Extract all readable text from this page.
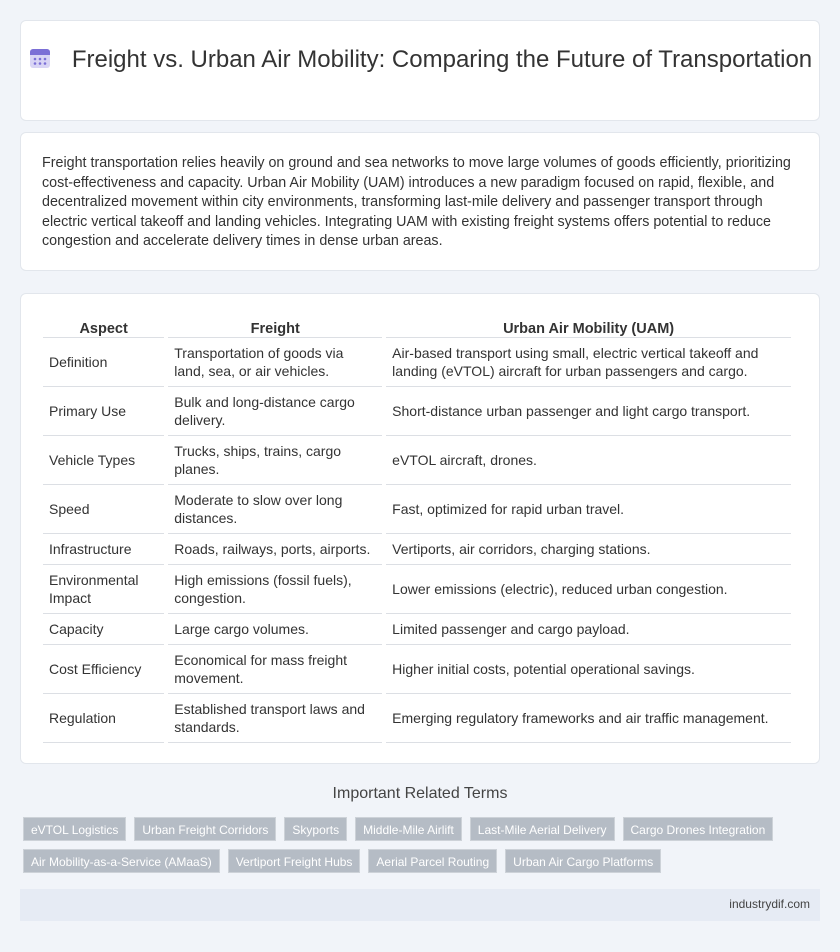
Freight vs. Urban Air Mobility: Comparing the Future of Transportation

Freight transportation relies heavily on ground and sea networks to move large volumes of goods efficiently, prioritizing cost-effectiveness and capacity. Urban Air Mobility (UAM) introduces a new paradigm focused on rapid, flexible, and decentralized movement within city environments, transforming last-mile delivery and passenger transport through electric vertical takeoff and landing vehicles. Integrating UAM with existing freight systems offers potential to reduce congestion and accelerate delivery times in dense urban areas.

Aspect	Freight	Urban Air Mobility (UAM)
Definition	Transportation of goods via land, sea, or air vehicles.	Air-based transport using small, electric vertical takeoff and landing (eVTOL) aircraft for urban passengers and cargo.
Primary Use	Bulk and long-distance cargo delivery.	Short-distance urban passenger and light cargo transport.
Vehicle Types	Trucks, ships, trains, cargo planes.	eVTOL aircraft, drones.
Speed	Moderate to slow over long distances.	Fast, optimized for rapid urban travel.
Infrastructure	Roads, railways, ports, airports.	Vertiports, air corridors, charging stations.
Environmental Impact	High emissions (fossil fuels), congestion.	Lower emissions (electric), reduced urban congestion.
Capacity	Large cargo volumes.	Limited passenger and cargo payload.
Cost Efficiency	Economical for mass freight movement.	Higher initial costs, potential operational savings.
Regulation	Established transport laws and standards.	Emerging regulatory frameworks and air traffic management.
Important Related Terms
eVTOL Logistics	Urban Freight Corridors	Skyports	Middle-Mile Airlift	Last-Mile Aerial Delivery	Cargo Drones Integration
Air Mobility-as-a-Service (AMaaS)	Vertiport Freight Hubs	Aerial Parcel Routing	Urban Air Cargo Platforms
industrydif.com
